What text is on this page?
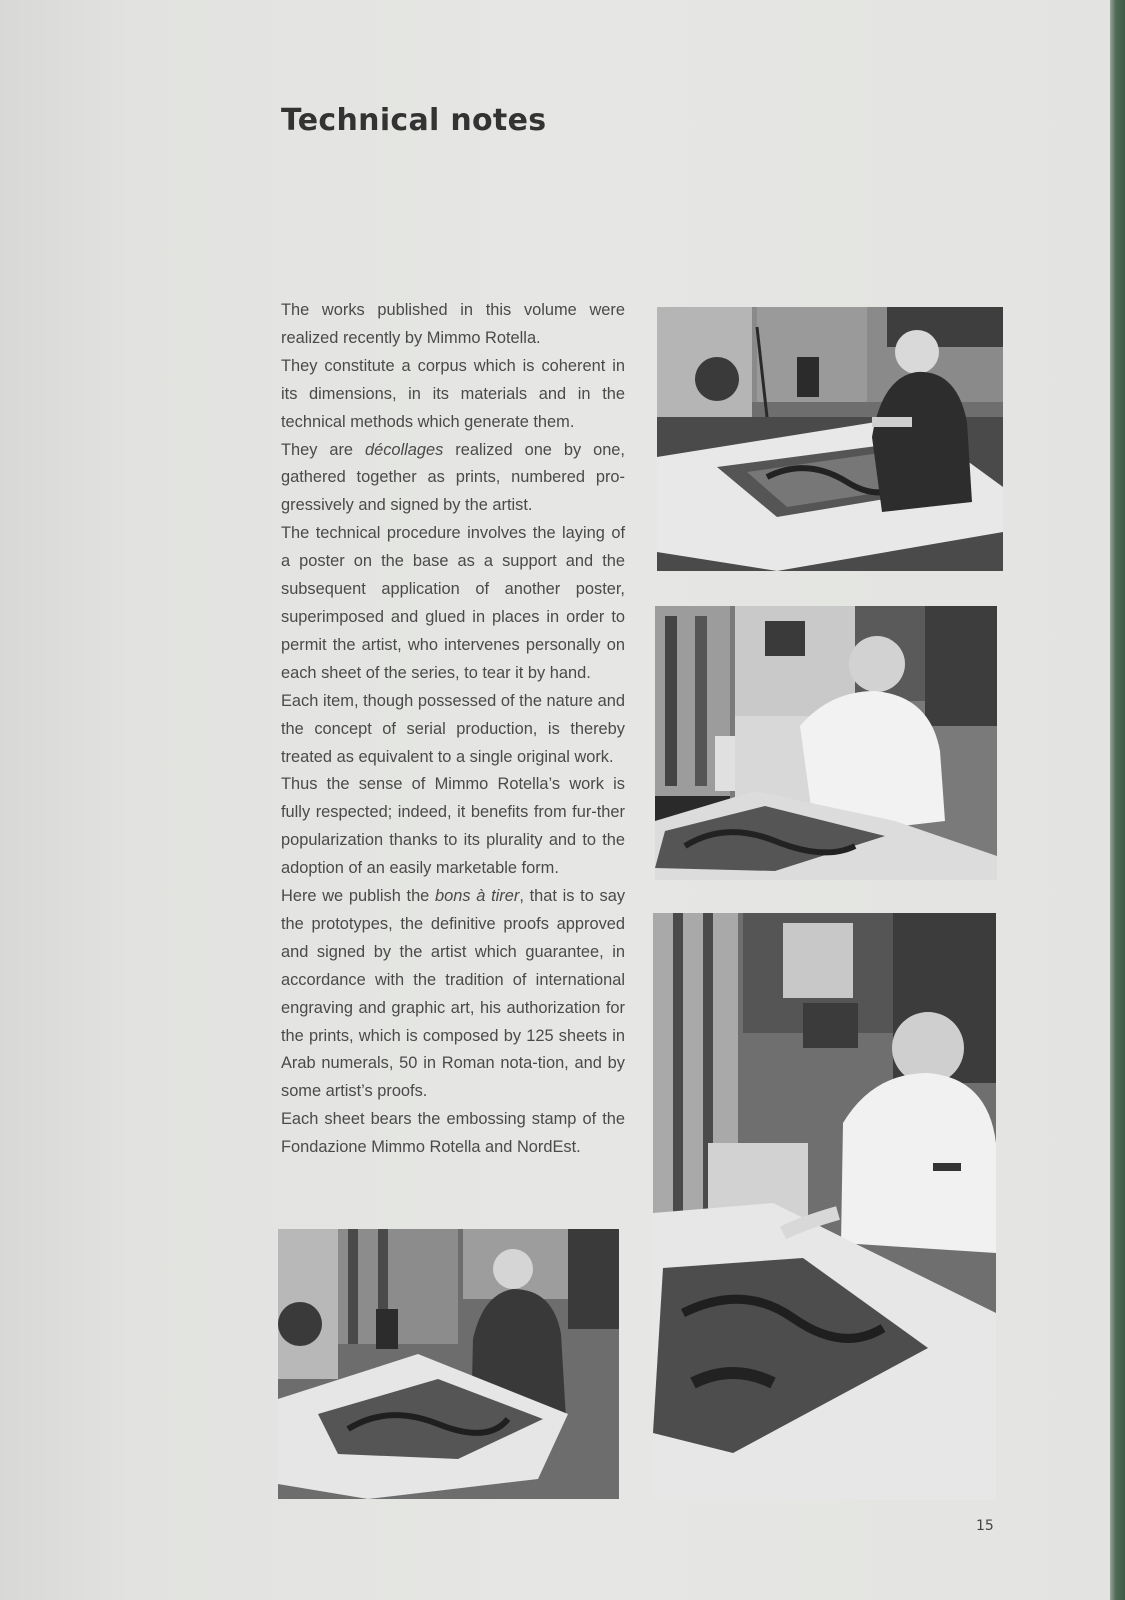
Technical notes

The works published in this volume were realized recently by Mimmo Rotella.

They constitute a corpus which is coherent in its dimensions, in its materials and in the technical methods which generate them.

They are décollages realized one by one, gathered together as prints, numbered pro-gressively and signed by the artist.

The technical procedure involves the laying of a poster on the base as a support and the subsequent application of another poster, superimposed and glued in places in order to permit the artist, who intervenes personally on each sheet of the series, to tear it by hand.

Each item, though possessed of the nature and the concept of serial production, is thereby treated as equivalent to a single original work.

Thus the sense of Mimmo Rotella’s work is fully respected; indeed, it benefits from fur-ther popularization thanks to its plurality and to the adoption of an easily marketable form.

Here we publish the bons à tirer, that is to say the prototypes, the definitive proofs approved and signed by the artist which guarantee, in accordance with the tradition of international engraving and graphic art, his authorization for the prints, which is composed by 125 sheets in Arab numerals, 50 in Roman nota-tion, and by some artist’s proofs.

Each sheet bears the embossing stamp of the Fondazione Mimmo Rotella and NordEst.

15
